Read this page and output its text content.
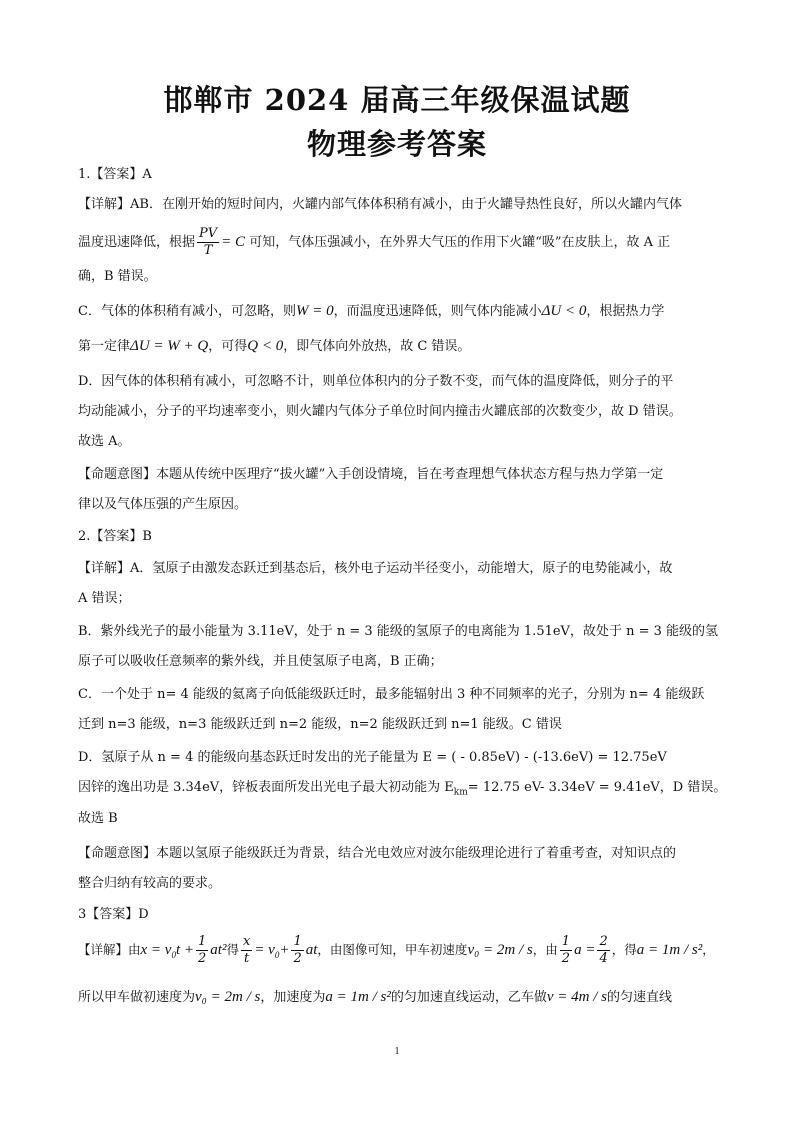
邯郸市 2024 届高三年级保温试题
物理参考答案
1.【答案】A
【详解】AB．在刚开始的短时间内，火罐内部气体体积稍有减小，由于火罐导热性良好，所以火罐内气体
温度迅速降低，根据 $\frac{PV}{T} = C$ 可知，气体压强减小，在外界大气压的作用下火罐“吸”在皮肤上，故 A 正
确，B 错误。
C．气体的体积稍有减小，可忽略，则W = 0，而温度迅速降低，则气体内能减小ΔU < 0，根据热力学
第一定律ΔU = W + Q，可得Q < 0，即气体向外放热，故 C 错误。
D．因气体的体积稍有减小，可忽略不计，则单位体积内的分子数不变，而气体的温度降低，则分子的平
均动能减小，分子的平均速率变小，则火罐内气体分子单位时间内撞击火罐底部的次数变少，故 D 错误。
故选 A。
【命题意图】本题从传统中医理疗“拔火罐”入手创设情境，旨在考查理想气体状态方程与热力学第一定
律以及气体压强的产生原因。
2.【答案】B
【详解】A．氢原子由激发态跃迁到基态后，核外电子运动半径变小，动能增大，原子的电势能减小，故
A 错误；
B．紫外线光子的最小能量为 3.11eV，处于 n = 3 能级的氢原子的电离能为 1.51eV，故处于 n = 3 能级的氢
原子可以吸收任意频率的紫外线，并且使氢原子电离，B 正确；
C．一个处于 n= 4 能级的氦离子向低能级跃迁时，最多能辐射出 3 种不同频率的光子，分别为 n= 4 能级跃
迁到 n=3 能级，n=3 能级跃迁到 n=2 能级，n=2 能级跃迁到 n=1 能级。C 错误
D．氢原子从 n = 4 的能级向基态跃迁时发出的光子能量为 E = ( - 0.85eV) - (-13.6eV) = 12.75eV
因锌的逸出功是 3.34eV，锌板表面所发出光电子最大初动能为 $E_{km}= 12.75$ eV- 3.34eV = 9.41eV，D 错误。
故选 B
【命题意图】本题以氢原子能级跃迁为背景，结合光电效应对波尔能级理论进行了着重考查，对知识点的
整合归纳有较高的要求。
3【答案】D
【详解】由$x = v_0t + \frac{1}{2} at^2$得 $\frac{x}{t} = v_0+ \frac{1}{2}$ at，由图像可知，甲车初速度v₀ = 2m / s，由 $\frac{1}{2}$ $a = \frac{2}{4}$ ，得a = 1m / s²，
所以甲车做初速度为v₀ = 2m / s，加速度为a = 1m / s²的匀加速直线运动，乙车做v = 4m / s的匀速直线
1
